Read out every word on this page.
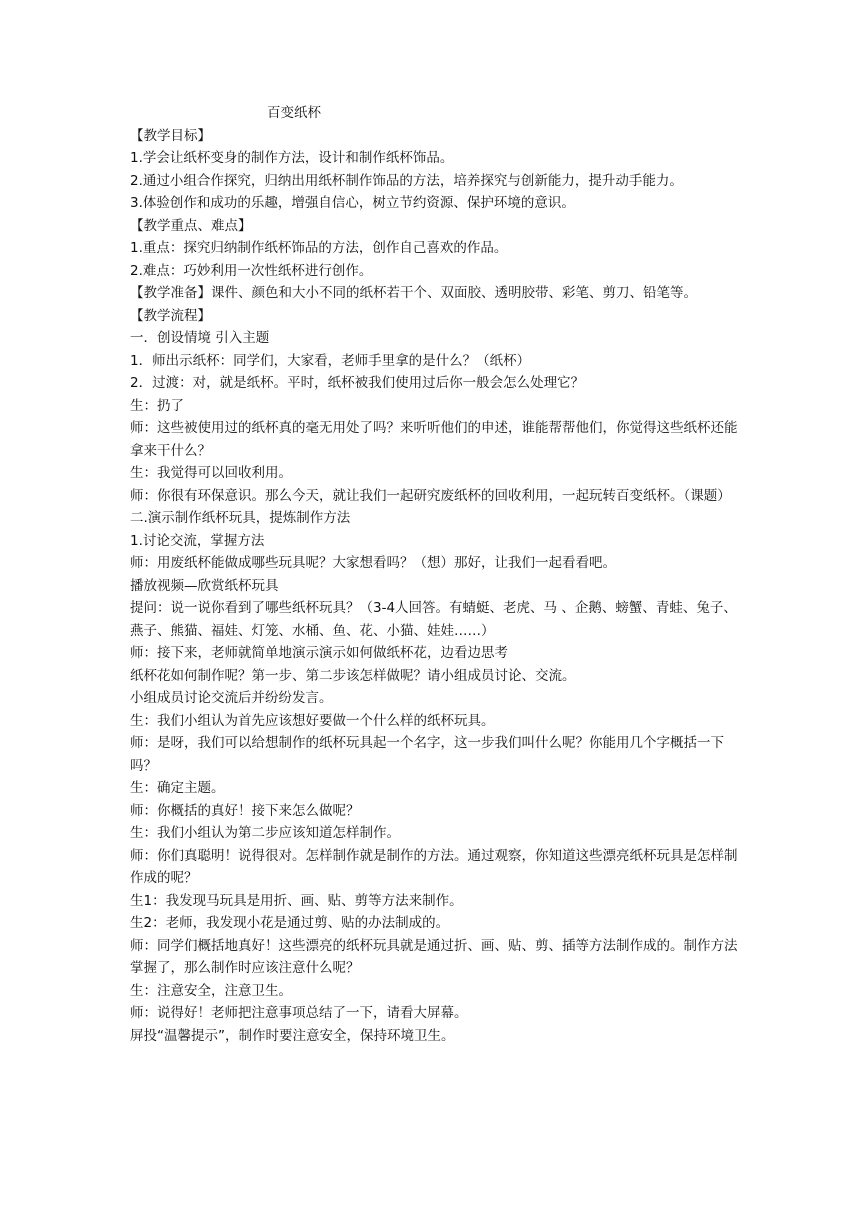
百变纸杯
【教学目标】
1.学会让纸杯变身的制作方法，设计和制作纸杯饰品。
2.通过小组合作探究，归纳出用纸杯制作饰品的方法，培养探究与创新能力，提升动手能力。
3.体验创作和成功的乐趣，增强自信心，树立节约资源、保护环境的意识。
【教学重点、难点】
1.重点：探究归纳制作纸杯饰品的方法，创作自己喜欢的作品。
2.难点：巧妙利用一次性纸杯进行创作。
【教学准备】课件、颜色和大小不同的纸杯若干个、双面胶、透明胶带、彩笔、剪刀、铅笔等。
【教学流程】
一．创设情境 引入主题
1．师出示纸杯：同学们，大家看，老师手里拿的是什么？（纸杯）
2．过渡：对，就是纸杯。平时，纸杯被我们使用过后你一般会怎么处理它？
生：扔了
师：这些被使用过的纸杯真的毫无用处了吗？来听听他们的申述，谁能帮帮他们，你觉得这些纸杯还能拿来干什么？
生：我觉得可以回收利用。
师：你很有环保意识。那么今天，就让我们一起研究废纸杯的回收利用，一起玩转百变纸杯。（课题）
二.演示制作纸杯玩具，提炼制作方法
1.讨论交流，掌握方法
师：用废纸杯能做成哪些玩具呢？大家想看吗？（想）那好，让我们一起看看吧。
播放视频—欣赏纸杯玩具
提问：说一说你看到了哪些纸杯玩具？（3-4人回答。有蜻蜓、老虎、马 、企鹅、螃蟹、青蛙、兔子、燕子、熊猫、福娃、灯笼、水桶、鱼、花、小猫、娃娃……）
师：接下来，老师就简单地演示演示如何做纸杯花，边看边思考
纸杯花如何制作呢？第一步、第二步该怎样做呢？请小组成员讨论、交流。
小组成员讨论交流后并纷纷发言。
生：我们小组认为首先应该想好要做一个什么样的纸杯玩具。
师：是呀，我们可以给想制作的纸杯玩具起一个名字，这一步我们叫什么呢？你能用几个字概括一下吗？
生：确定主题。
师：你概括的真好！接下来怎么做呢？
生：我们小组认为第二步应该知道怎样制作。
师：你们真聪明！说得很对。怎样制作就是制作的方法。通过观察，你知道这些漂亮纸杯玩具是怎样制作成的呢？
生1：我发现马玩具是用折、画、贴、剪等方法来制作。
生2：老师，我发现小花是通过剪、贴的办法制成的。
师：同学们概括地真好！这些漂亮的纸杯玩具就是通过折、画、贴、剪、插等方法制作成的。制作方法掌握了，那么制作时应该注意什么呢？
生：注意安全，注意卫生。
师：说得好！老师把注意事项总结了一下，请看大屏幕。
屏投“温馨提示”，制作时要注意安全，保持环境卫生。
